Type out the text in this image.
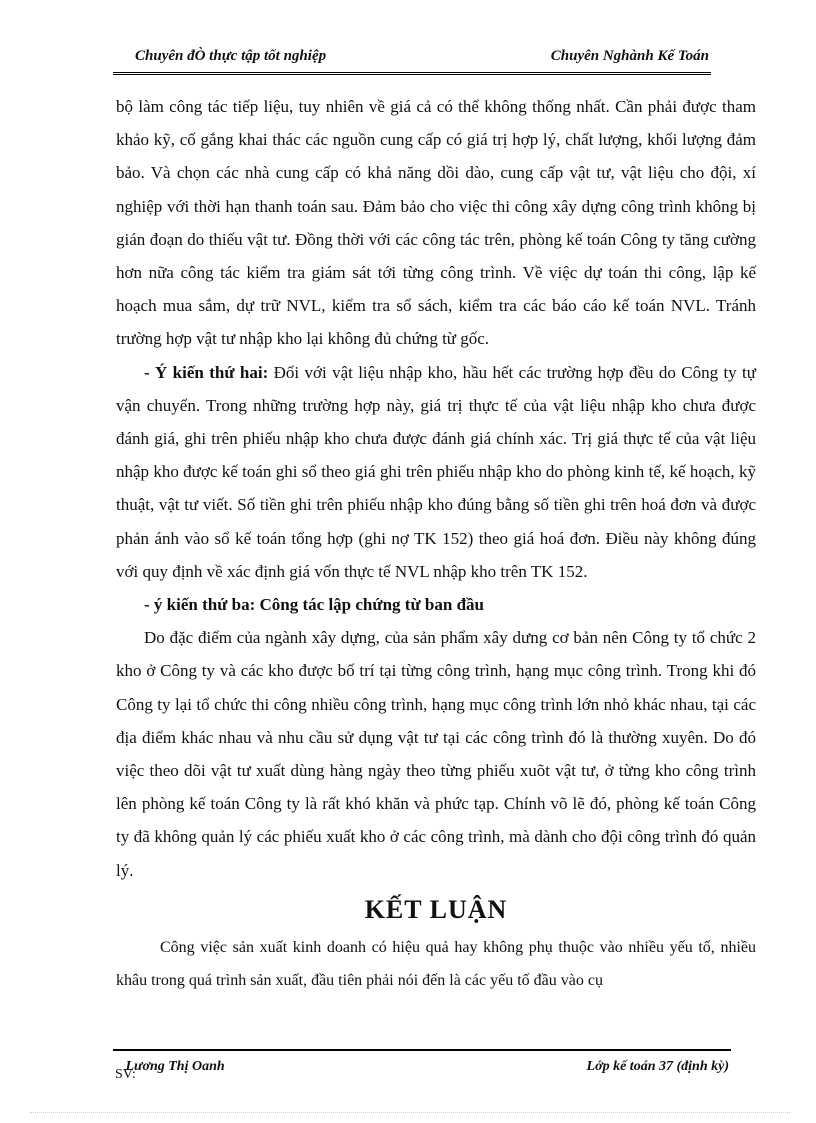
Chuyên đÒ thực tập tốt nghiệp	Chuyên Nghành Kế Toán

bộ làm công tác tiếp liệu, tuy nhiên về giá cả có thể không thống nhất. Cần phải được tham khảo kỹ, cố gắng khai thác các nguồn cung cấp có giá trị hợp lý, chất lượng, khối lượng đảm bảo. Và chọn các nhà cung cấp có khả năng dồi dào, cung cấp vật tư, vật liệu cho đội, xí nghiệp với thời hạn thanh toán sau. Đảm bảo cho việc thi công xây dựng công trình không bị gián đoạn do thiếu vật tư. Đồng thời với các công tác trên, phòng kế toán Công ty tăng cường hơn nữa công tác kiểm tra giám sát tới từng công trình. Về việc dự toán thi công, lập kế hoạch mua sắm, dự trữ NVL, kiểm tra sổ sách, kiểm tra các báo cáo kế toán NVL. Tránh trường hợp vật tư nhập kho lại không đủ chứng từ gốc.

- Ý kiến thứ hai: Đối với vật liệu nhập kho, hầu hết các trường hợp đều do Công ty tự vận chuyển. Trong những trường hợp này, giá trị thực tế của vật liệu nhập kho chưa được đánh giá, ghi trên phiếu nhập kho chưa được đánh giá chính xác. Trị giá thực tế của vật liệu nhập kho được kế toán ghi sổ theo giá ghi trên phiếu nhập kho do phòng kinh tế, kế hoạch, kỹ thuật, vật tư viết. Số tiền ghi trên phiếu nhập kho đúng bằng số tiền ghi trên hoá đơn và được phản ánh vào sổ kế toán tổng hợp (ghi nợ TK 152) theo giá hoá đơn. Điều này không đúng với quy định về xác định giá vốn thực tế NVL nhập kho trên TK 152.

- ý kiến thứ ba: Công tác lập chứng từ ban đầu

Do đặc điểm của ngành xây dựng, của sản phẩm xây dưng cơ bản nên Công ty tổ chức 2 kho ở Công ty và các kho được bố trí tại từng công trình, hạng mục công trình. Trong khi đó Công ty lại tổ chức thi công nhiều công trình, hạng mục công trình lớn nhỏ khác nhau, tại các địa điểm khác nhau và nhu cầu sử dụng vật tư tại các công trình đó là thường xuyên. Do đó việc theo dõi vật tư xuất dùng hàng ngày theo từng phiếu xuõt vật tư, ở từng kho công trình lên phòng kế toán Công ty là rất khó khăn và phức tạp. Chính võ lẽ đó, phòng kế toán Công ty đã không quản lý các phiếu xuất kho ở các công trình, mà dành cho đội công trình đó quản lý.

KẾT LUẬN

Công việc sản xuất kinh doanh có hiệu quả hay không phụ thuộc vào nhiều yếu tố, nhiều khâu trong quá trình sản xuất, đầu tiên phải nói đến là các yếu tố đầu vào cụ

SV:
Lương Thị Oanh	Lớp kế toán 37 (định kỳ)
